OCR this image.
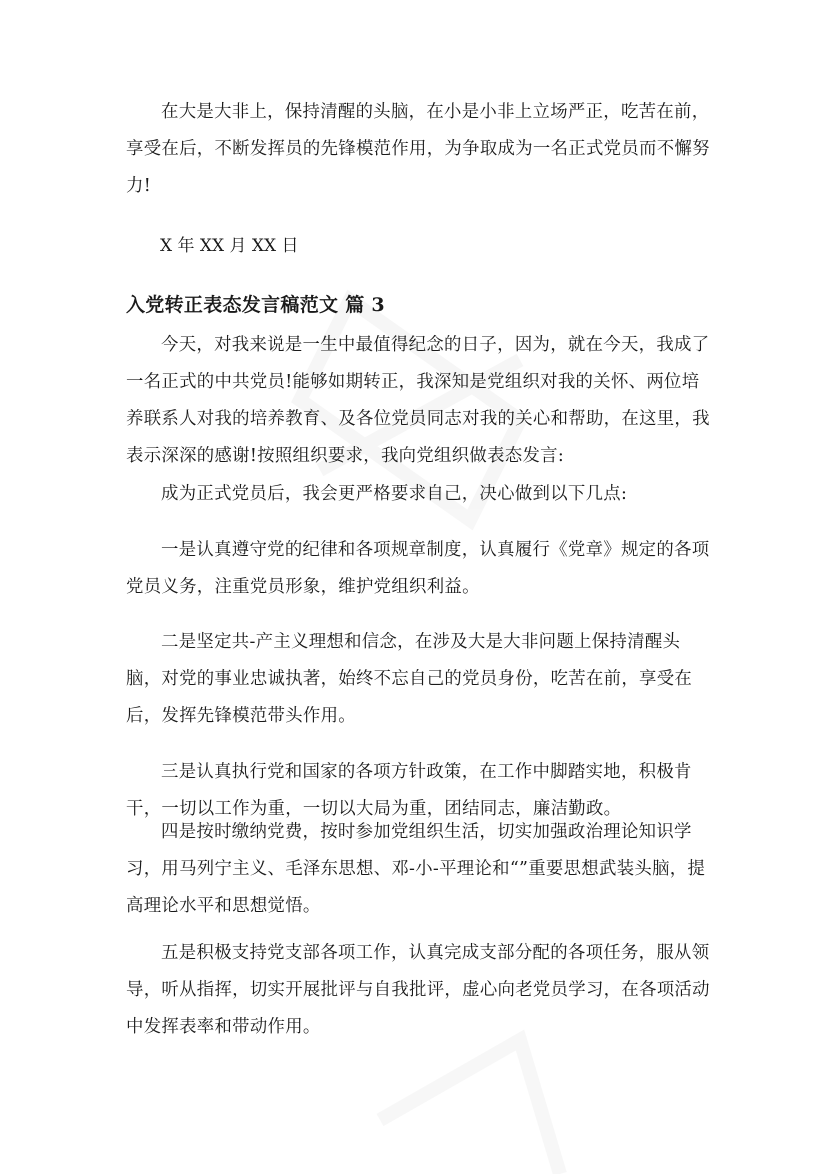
在大是大非上，保持清醒的头脑，在小是小非上立场严正，吃苦在前，享受在后，不断发挥员的先锋模范作用，为争取成为一名正式党员而不懈努力!

X 年 XX 月 XX 日
入党转正表态发言稿范文 篇 3

今天，对我来说是一生中最值得纪念的日子，因为，就在今天，我成了一名正式的中共党员!能够如期转正，我深知是党组织对我的关怀、两位培养联系人对我的培养教育、及各位党员同志对我的关心和帮助，在这里，我表示深深的感谢!按照组织要求，我向党组织做表态发言:

成为正式党员后，我会更严格要求自己，决心做到以下几点:

一是认真遵守党的纪律和各项规章制度，认真履行《党章》规定的各项党员义务，注重党员形象，维护党组织利益。

二是坚定共-产主义理想和信念，在涉及大是大非问题上保持清醒头脑，对党的事业忠诚执著，始终不忘自己的党员身份，吃苦在前，享受在后，发挥先锋模范带头作用。

三是认真执行党和国家的各项方针政策，在工作中脚踏实地，积极肯干，一切以工作为重，一切以大局为重，团结同志，廉洁勤政。

四是按时缴纳党费，按时参加党组织生活，切实加强政治理论知识学习，用马列宁主义、毛泽东思想、邓-小-平理论和“”重要思想武装头脑，提高理论水平和思想觉悟。

五是积极支持党支部各项工作，认真完成支部分配的各项任务，服从领导，听从指挥，切实开展批评与自我批评，虚心向老党员学习，在各项活动中发挥表率和带动作用。
